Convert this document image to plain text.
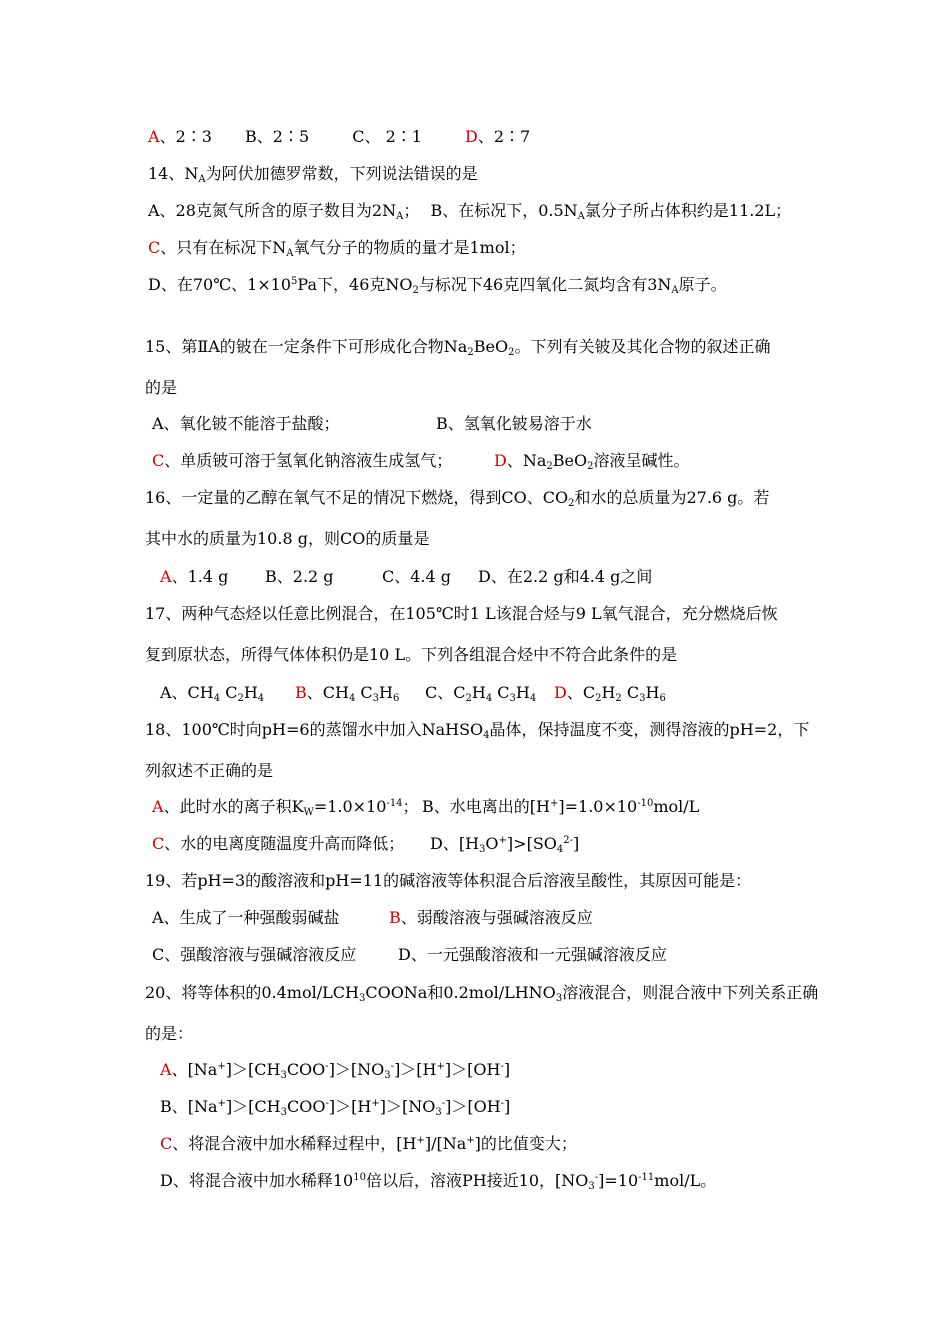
A、2∶3 B、2∶5	C、 2∶1	D、2∶7
14、$N_A$为阿伏加德罗常数，下列说法错误的是
A、28克氮气所含的原子数目为$2N_A$； B、在标况下，$0.5N_A$氯分子所占体积约是11.2L；
C、只有在标况下$N_A$氧气分子的物质的量才是1mol；
D、在70℃、$1\times 10^5Pa$下，46克$NO_2$与标况下46克四氧化二氮均含有$3N_A$原子。
15、第ⅡA的铍在一定条件下可形成化合物$Na_2BeO_2$。下列有关铍及其化合物的叙述正确
的是
A、氧化铍不能溶于盐酸；	B、氢氧化铍易溶于水
C、单质铍可溶于氢氧化钠溶液生成氢气；	D、$Na_2BeO_2$溶液呈碱性。
16、一定量的乙醇在氧气不足的情况下燃烧，得到CO、$CO_2$和水的总质量为27.6 g。若
其中水的质量为10.8 g，则CO的质量是
A、1.4 g B、2.2 g	C、4.4 g D、在2.2 g和4.4 g之间
17、两种气态烃以任意比例混合，在105℃时1 L该混合烃与9 L氧气混合，充分燃烧后恢
复到原状态，所得气体体积仍是10 L。下列各组混合烃中不符合此条件的是
A、$CH_4$ $C_2H_4$ B、$CH_4$ $C_3H_6$ C、$C_2H_4$ $C_3H_4$ D、$C_2H_2$ $C_3H_6$
18、100℃时向pH=6的蒸馏水中加入NaHSO$_4$晶体，保持温度不变，测得溶液的pH=2，下
列叙述不正确的是
A、此时水的离子积$K_W=1.0\times 10^{-14}$； B、水电离出的$[H^+]=1.0\times 10^{-10}mol/L$
C、水的电离度随温度升高而降低； D、$[H_3O^+]>[SO_4^{2-}]$
19、若pH=3的酸溶液和pH=11的碱溶液等体积混合后溶液呈酸性，其原因可能是：
A、生成了一种强酸弱碱盐	B、弱酸溶液与强碱溶液反应
C、强酸溶液与强碱溶液反应	D、一元强酸溶液和一元强碱溶液反应
20、将等体积的$0.4mol/LCH_3COONa$和$0.2mol/LHNO_3$溶液混合，则混合液中下列关系正确
的是：
A、$[Na^+]>[CH_3COO^-]>[NO_3^-]>[H^+]>[OH^-]$
B、$[Na^+]>[CH_3COO^-]>[H^+]>[NO_3^-]>[OH^-]$
C、将混合液中加水稀释过程中，[H+]/[Na+]的比值变大；
D、将混合液中加水稀释$10^{10}$倍以后，溶液PH接近10，$[NO_3^-]=10^{-11}mol/L$。
